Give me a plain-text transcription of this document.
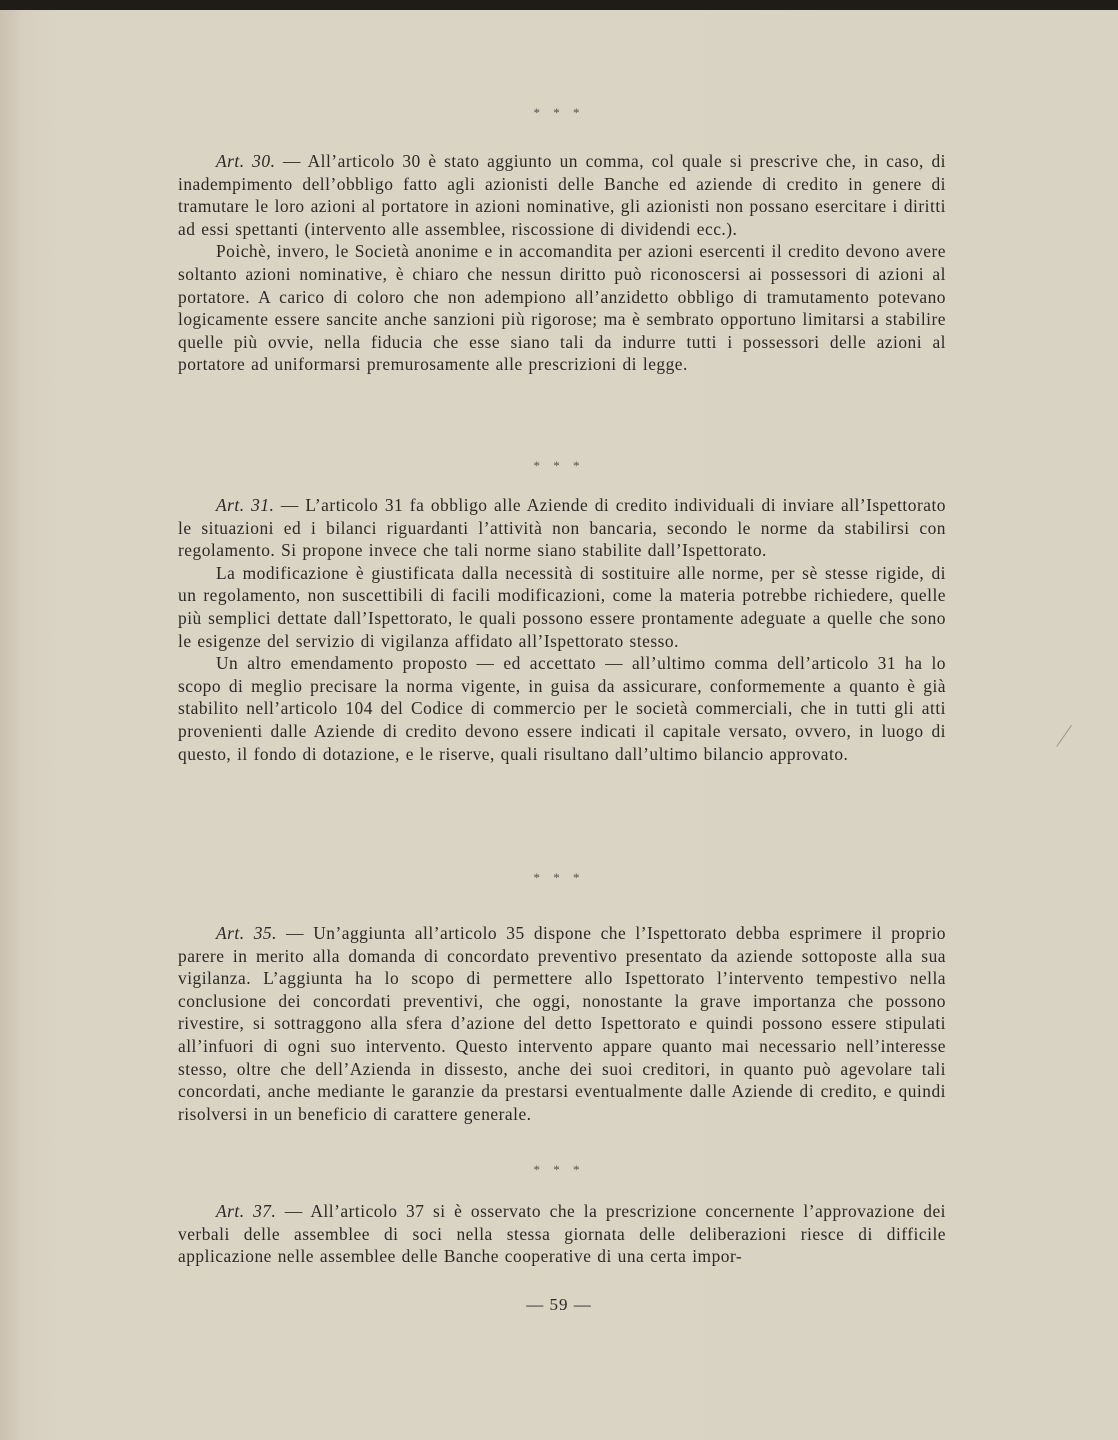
* * *

Art. 30. — All’articolo 30 è stato aggiunto un comma, col quale si prescrive che, in caso, di inadempimento dell’obbligo fatto agli azionisti delle Banche ed aziende di credito in genere di tramutare le loro azioni al portatore in azioni nominative, gli azionisti non possano esercitare i diritti ad essi spettanti (intervento alle assemblee, riscossione di dividendi ecc.).

Poichè, invero, le Società anonime e in accomandita per azioni esercenti il credito devono avere soltanto azioni nominative, è chiaro che nessun diritto può riconoscersi ai possessori di azioni al portatore. A carico di coloro che non adempiono all’anzidetto obbligo di tramutamento potevano logicamente essere sancite anche sanzioni più rigorose; ma è sembrato opportuno limitarsi a stabilire quelle più ovvie, nella fiducia che esse siano tali da indurre tutti i possessori delle azioni al portatore ad uniformarsi premurosamente alle prescrizioni di legge.

* * *

Art. 31. — L’articolo 31 fa obbligo alle Aziende di credito individuali di inviare all’Ispettorato le situazioni ed i bilanci riguardanti l’attività non bancaria, secondo le norme da stabilirsi con regolamento. Si propone invece che tali norme siano stabilite dall’Ispettorato.

La modificazione è giustificata dalla necessità di sostituire alle norme, per sè stesse rigide, di un regolamento, non suscettibili di facili modificazioni, come la materia potrebbe richiedere, quelle più semplici dettate dall’Ispettorato, le quali possono essere prontamente adeguate a quelle che sono le esigenze del servizio di vigilanza affidato all’Ispettorato stesso.

Un altro emendamento proposto — ed accettato — all’ultimo comma dell’articolo 31 ha lo scopo di meglio precisare la norma vigente, in guisa da assicurare, conformemente a quanto è già stabilito nell’articolo 104 del Codice di commercio per le società commerciali, che in tutti gli atti provenienti dalle Aziende di credito devono essere indicati il capitale versato, ovvero, in luogo di questo, il fondo di dotazione, e le riserve, quali risultano dall’ultimo bilancio approvato.

* * *

Art. 35. — Un’aggiunta all’articolo 35 dispone che l’Ispettorato debba esprimere il proprio parere in merito alla domanda di concordato preventivo presentato da aziende sottoposte alla sua vigilanza. L’aggiunta ha lo scopo di permettere allo Ispettorato l’intervento tempestivo nella conclusione dei concordati preventivi, che oggi, nonostante la grave importanza che possono rivestire, si sottraggono alla sfera d’azione del detto Ispettorato e quindi possono essere stipulati all’infuori di ogni suo intervento. Questo intervento appare quanto mai necessario nell’interesse stesso, oltre che dell’Azienda in dissesto, anche dei suoi creditori, in quanto può agevolare tali concordati, anche mediante le garanzie da prestarsi eventualmente dalle Aziende di credito, e quindi risolversi in un beneficio di carattere generale.

* * *

Art. 37. — All’articolo 37 si è osservato che la prescrizione concernente l’approvazione dei verbali delle assemblee di soci nella stessa giornata delle deliberazioni riesce di difficile applicazione nelle assemblee delle Banche cooperative di una certa impor-

— 59 —
